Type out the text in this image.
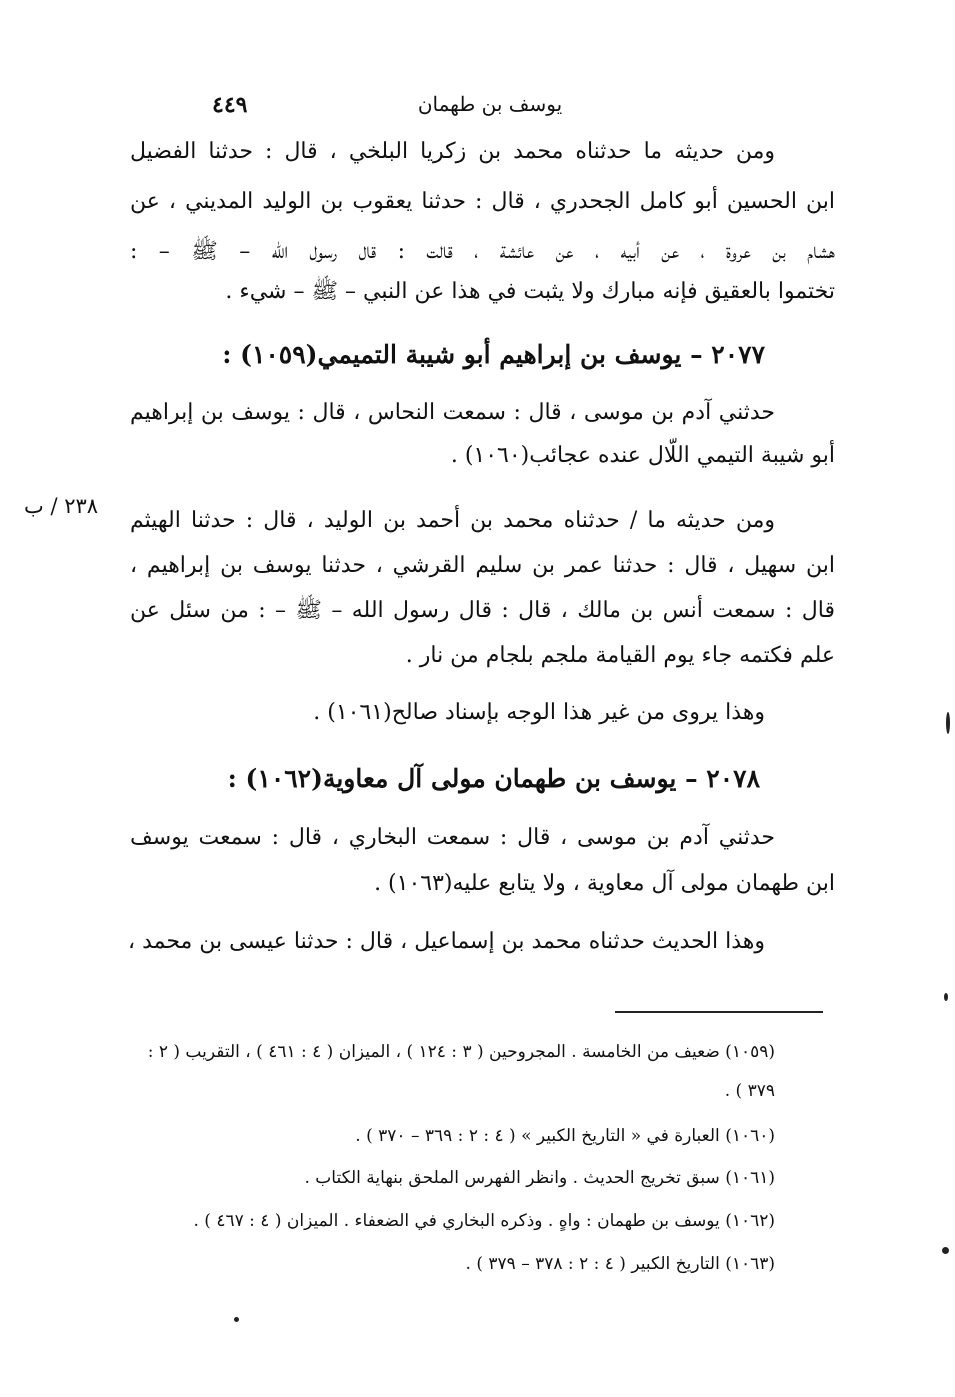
٤٤٩	يوسف بن طهمان
ومن حديثه ما حدثناه محمد بن زكريا البلخي ، قال : حدثنا الفضيل
ابن الحسين أبو كامل الجحدري ، قال : حدثنا يعقوب بن الوليد المديني ، عن
هشام بن عروة ، عن أبيه ، عن عائشة ، قالت : قال رسول الله – ﷺ – :
تختموا بالعقيق فإنه مبارك ولا يثبت في هذا عن النبي – ﷺ – شيء .
٢٠٧٧ – يوسف بن إبراهيم أبو شيبة التميمي(١٠٥٩) :
حدثني آدم بن موسى ، قال : سمعت النحاس ، قال : يوسف بن إبراهيم
أبو شيبة التيمي اللّال عنده عجائب(١٠٦٠) .
٢٣٨ / ب
ومن حديثه ما / حدثناه محمد بن أحمد بن الوليد ، قال : حدثنا الهيثم
ابن سهيل ، قال : حدثنا عمر بن سليم القرشي ، حدثنا يوسف بن إبراهيم ،
قال : سمعت أنس بن مالك ، قال : قال رسول الله – ﷺ – : من سئل عن
علم فكتمه جاء يوم القيامة ملجم بلجام من نار .
وهذا يروى من غير هذا الوجه بإسناد صالح(١٠٦١) .
٢٠٧٨ – يوسف بن طهمان مولى آل معاوية(١٠٦٢) :
حدثني آدم بن موسى ، قال : سمعت البخاري ، قال : سمعت يوسف
ابن طهمان مولى آل معاوية ، ولا يتابع عليه(١٠٦٣) .
وهذا الحديث حدثناه محمد بن إسماعيل ، قال : حدثنا عيسى بن محمد ،
(١٠٥٩) ضعيف من الخامسة . المجروحين ( ٣ : ١٢٤ ) ، الميزان ( ٤ : ٤٦١ ) ، التقريب ( ٢ :
٣٧٩ ) .
(١٠٦٠) العبارة في « التاريخ الكبير » ( ٤ : ٢ : ٣٦٩ – ٣٧٠ ) .
(١٠٦١) سبق تخريج الحديث . وانظر الفهرس الملحق بنهاية الكتاب .
(١٠٦٢) يوسف بن طهمان : واهٍ . وذكره البخاري في الضعفاء . الميزان ( ٤ : ٤٦٧ ) .
(١٠٦٣) التاريخ الكبير ( ٤ : ٢ : ٣٧٨ – ٣٧٩ ) .
